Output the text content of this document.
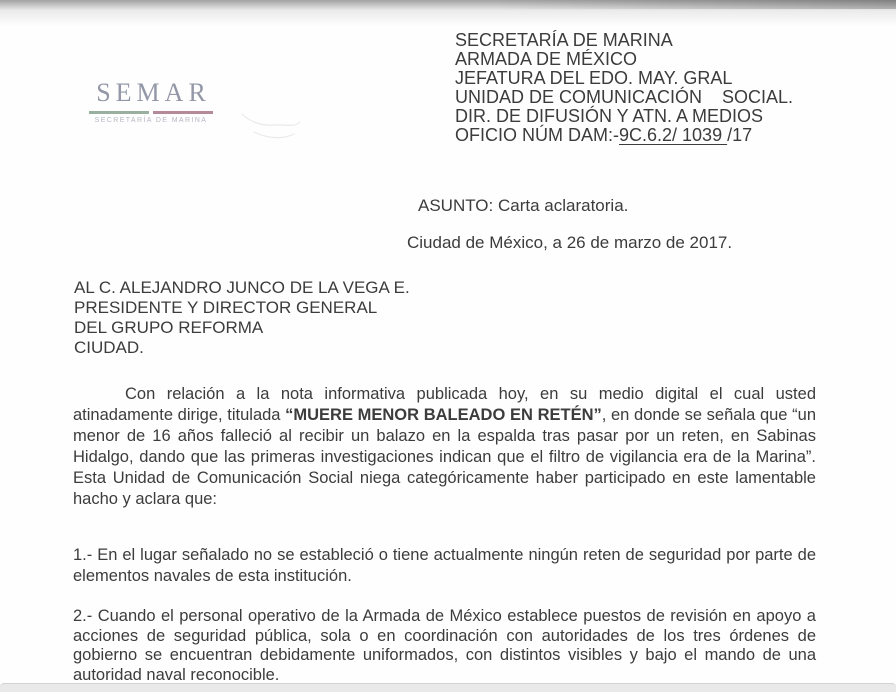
SEMAR
SECRETARÍA DE MARINA
SECRETARÍA DE MARINA
ARMADA DE MÉXICO
JEFATURA DEL EDO. MAY. GRAL
UNIDAD DE COMUNICACIÓN    SOCIAL.
DIR. DE DIFUSIÓN Y ATN. A MEDIOS
OFICIO NÚM DAM:-9C.6.2/ 1039 /17
ASUNTO: Carta aclaratoria.
Ciudad de México, a 26 de marzo de 2017.
AL C. ALEJANDRO JUNCO DE LA VEGA E.
PRESIDENTE Y DIRECTOR GENERAL
DEL GRUPO REFORMA
CIUDAD.
Con relación a la nota informativa publicada hoy, en su medio digital el cual usted atinadamente dirige, titulada “MUERE MENOR BALEADO EN RETÉN”, en donde se señala que “un menor de 16 años falleció al recibir un balazo en la espalda tras pasar por un reten, en Sabinas Hidalgo, dando que las primeras investigaciones indican que el filtro de vigilancia era de la Marina”. Esta Unidad de Comunicación Social niega categóricamente haber participado en este lamentable hacho y aclara que:
1.- En el lugar señalado no se estableció o tiene actualmente ningún reten de seguridad por parte de elementos navales de esta institución.
2.- Cuando el personal operativo de la Armada de México establece puestos de revisión en apoyo a acciones de seguridad pública, sola o en coordinación con autoridades de los tres órdenes de gobierno se encuentran debidamente uniformados, con distintos visibles y bajo el mando de una autoridad naval reconocible.
